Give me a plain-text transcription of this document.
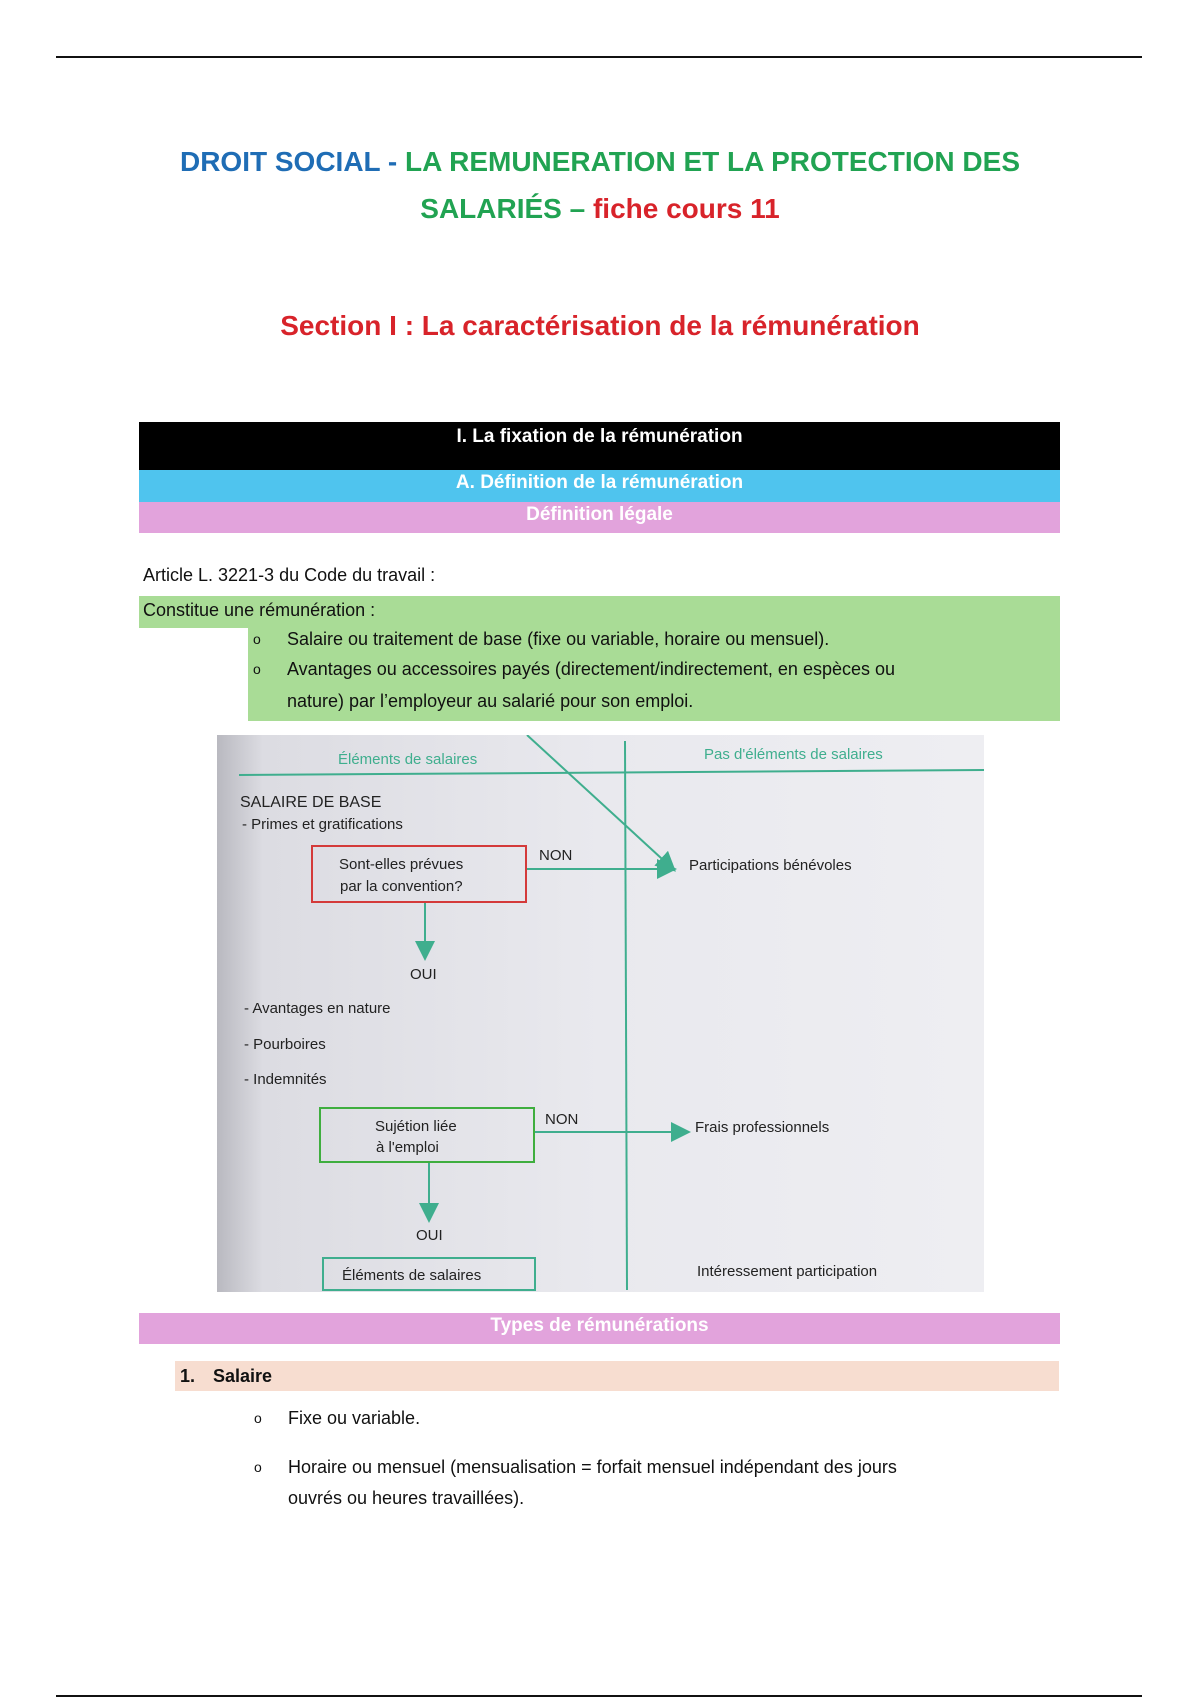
DROIT SOCIAL - LA REMUNERATION ET LA PROTECTION DES
SALARIÉS – fiche cours 11
Section I : La caractérisation de la rémunération
I. La fixation de la rémunération
A. Définition de la rémunération
Définition légale
Article L. 3221-3 du Code du travail :
Constitue une rémunération :
o Salaire ou traitement de base (fixe ou variable, horaire ou mensuel).
o Avantages ou accessoires payés (directement/indirectement, en espèces ou
nature) par l’employeur au salarié pour son emploi.
Éléments de salaires	Pas d'éléments de salaires
SALAIRE DE BASE
- Primes et gratifications
Sont-elles prévues
par la convention?
NON
Participations bénévoles
OUI
- Avantages en nature
- Pourboires
- Indemnités
Sujétion liée
à l'emploi
NON	Frais professionnels
OUI
Éléments de salaires	Intéressement participation
Types de rémunérations
1. Salaire
o Fixe ou variable.
o Horaire ou mensuel (mensualisation = forfait mensuel indépendant des jours
ouvrés ou heures travaillées).
